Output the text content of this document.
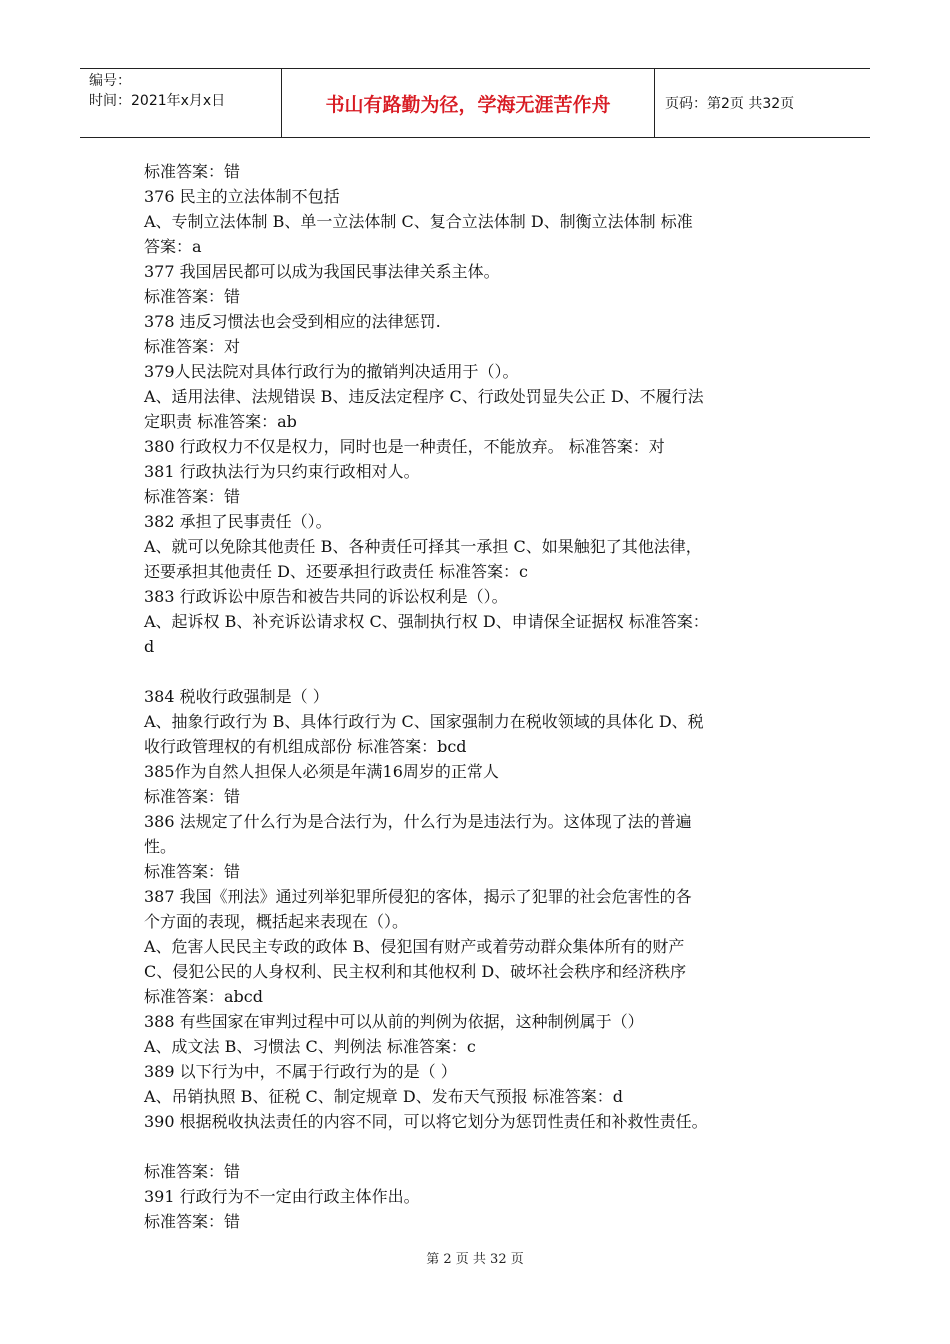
编号：
时间：2021年x月x日	书山有路勤为径，学海无涯苦作舟	页码：第2页 共32页
标准答案：错
376 民主的立法体制不包括
A、专制立法体制 B、单一立法体制 C、复合立法体制 D、制衡立法体制 标准
答案：a
377 我国居民都可以成为我国民事法律关系主体。
标准答案：错
378 违反习惯法也会受到相应的法律惩罚.
标准答案：对
379人民法院对具体行政行为的撤销判决适用于（）。
A、适用法律、法规错误 B、违反法定程序 C、行政处罚显失公正 D、不履行法
定职责 标准答案：ab
380 行政权力不仅是权力，同时也是一种责任，不能放弃。 标准答案：对
381 行政执法行为只约束行政相对人。
标准答案：错
382 承担了民事责任（）。
A、就可以免除其他责任 B、各种责任可择其一承担 C、如果触犯了其他法律，
还要承担其他责任 D、还要承担行政责任 标准答案：c
383 行政诉讼中原告和被告共同的诉讼权利是（）。
A、起诉权 B、补充诉讼请求权 C、强制执行权 D、申请保全证据权 标准答案：
d
384 税收行政强制是（ ）
A、抽象行政行为 B、具体行政行为 C、国家强制力在税收领域的具体化 D、税
收行政管理权的有机组成部份 标准答案：bcd
385作为自然人担保人必须是年满16周岁的正常人
标准答案：错
386 法规定了什么行为是合法行为，什么行为是违法行为。这体现了法的普遍
性。
标准答案：错
387 我国《刑法》通过列举犯罪所侵犯的客体，揭示了犯罪的社会危害性的各
个方面的表现，概括起来表现在（）。
A、危害人民民主专政的政体 B、侵犯国有财产或着劳动群众集体所有的财产
C、侵犯公民的人身权利、民主权利和其他权利 D、破坏社会秩序和经济秩序
标准答案：abcd
388 有些国家在审判过程中可以从前的判例为依据，这种制例属于（）
A、成文法 B、习惯法 C、判例法 标准答案：c
389 以下行为中，不属于行政行为的是（ ）
A、吊销执照 B、征税 C、制定规章 D、发布天气预报 标准答案：d
390 根据税收执法责任的内容不同，可以将它划分为惩罚性责任和补救性责任。
标准答案：错
391 行政行为不一定由行政主体作出。
标准答案：错
第 2 页 共 32 页
